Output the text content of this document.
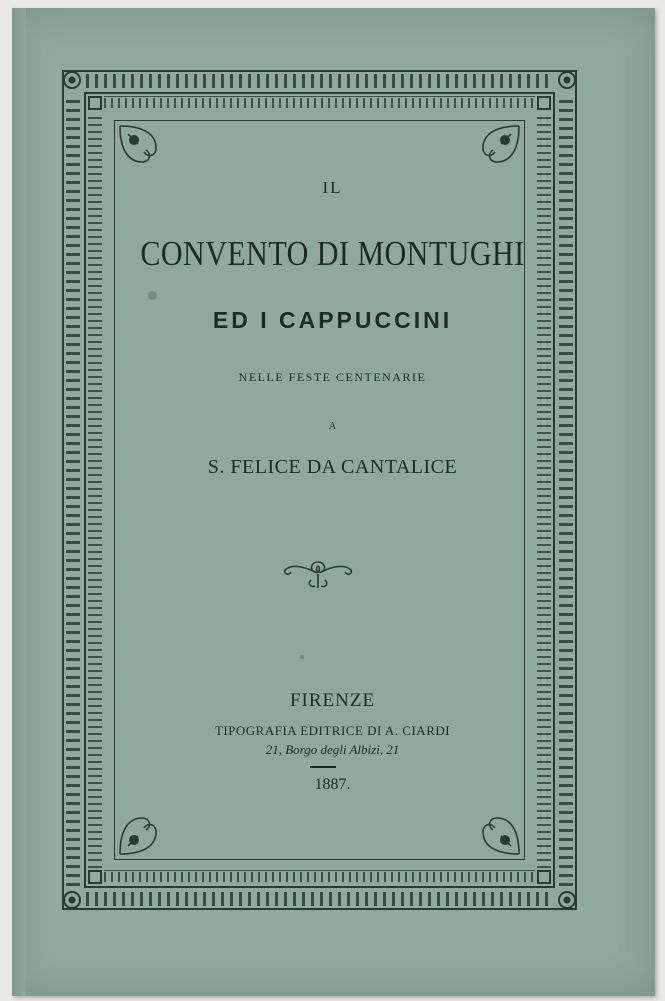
IL
CONVENTO DI MONTUGHI
ED I CAPPUCCINI
NELLE FESTE CENTENARIE
A
S. FELICE DA CANTALICE
FIRENZE
TIPOGRAFIA EDITRICE DI A. CIARDI
21, Borgo degli Albizi, 21
1887.
